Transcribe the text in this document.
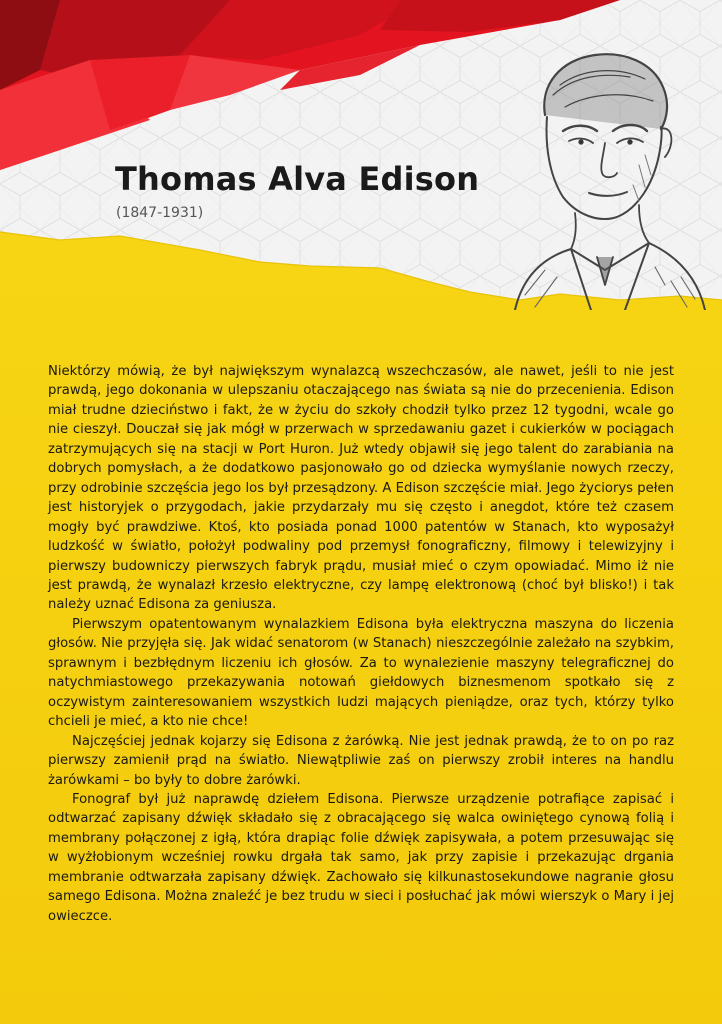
Thomas Alva Edison
(1847-1931)

Niektórzy mówią, że był największym wynalazcą wszechczasów, ale nawet, jeśli to nie jest prawdą, jego dokonania w ulepszaniu otaczającego nas świata są nie do przecenienia. Edison miał trudne dzieciństwo i fakt, że w życiu do szkoły chodził tylko przez 12 tygodni, wcale go nie cieszył. Douczał się jak mógł w przerwach w sprzedawaniu gazet i cukierków w pociągach zatrzymujących się na stacji w Port Huron. Już wtedy objawił się jego talent do zarabiania na dobrych pomysłach, a że dodatkowo pasjonowało go od dziecka wymyślanie nowych rzeczy, przy odrobinie szczęścia jego los był przesądzony. A Edison szczęście miał. Jego życiorys pełen jest historyjek o przygodach, jakie przydarzały mu się często i anegdot, które też czasem mogły być prawdziwe. Ktoś, kto posiada ponad 1000 patentów w Stanach, kto wyposażył ludzkość w światło, położył podwaliny pod przemysł fonograficzny, filmowy i telewizyjny i pierwszy budowniczy pierwszych fabryk prądu, musiał mieć o czym opowiadać. Mimo iż nie jest prawdą, że wynalazł krzesło elektryczne, czy lampę elektronową (choć był blisko!) i tak należy uznać Edisona za geniusza.

Pierwszym opatentowanym wynalazkiem Edisona była elektryczna maszyna do liczenia głosów. Nie przyjęła się. Jak widać senatorom (w Stanach) nieszczególnie zależało na szybkim, sprawnym i bezbłędnym liczeniu ich głosów. Za to wynalezienie maszyny telegraficznej do natychmiastowego przekazywania notowań giełdowych biznesmenom spotkało się z oczywistym zainteresowaniem wszystkich ludzi mających pieniądze, oraz tych, którzy tylko chcieli je mieć, a kto nie chce!

Najczęściej jednak kojarzy się Edisona z żarówką. Nie jest jednak prawdą, że to on po raz pierwszy zamienił prąd na światło. Niewątpliwie zaś on pierwszy zrobił interes na handlu żarówkami – bo były to dobre żarówki.

Fonograf był już naprawdę dziełem Edisona. Pierwsze urządzenie potrafiące zapisać i odtwarzać zapisany dźwięk składało się z obracającego się walca owiniętego cynową folią i membrany połączonej z igłą, która drapiąc folie dźwięk zapisywała, a potem przesuwając się w wyżłobionym wcześniej rowku drgała tak samo, jak przy zapisie i przekazując drgania membranie odtwarzała zapisany dźwięk. Zachowało się kilkunastosekundowe nagranie głosu samego Edisona. Można znaleźć je bez trudu w sieci i posłuchać jak mówi wierszyk o Mary i jej owieczce.
